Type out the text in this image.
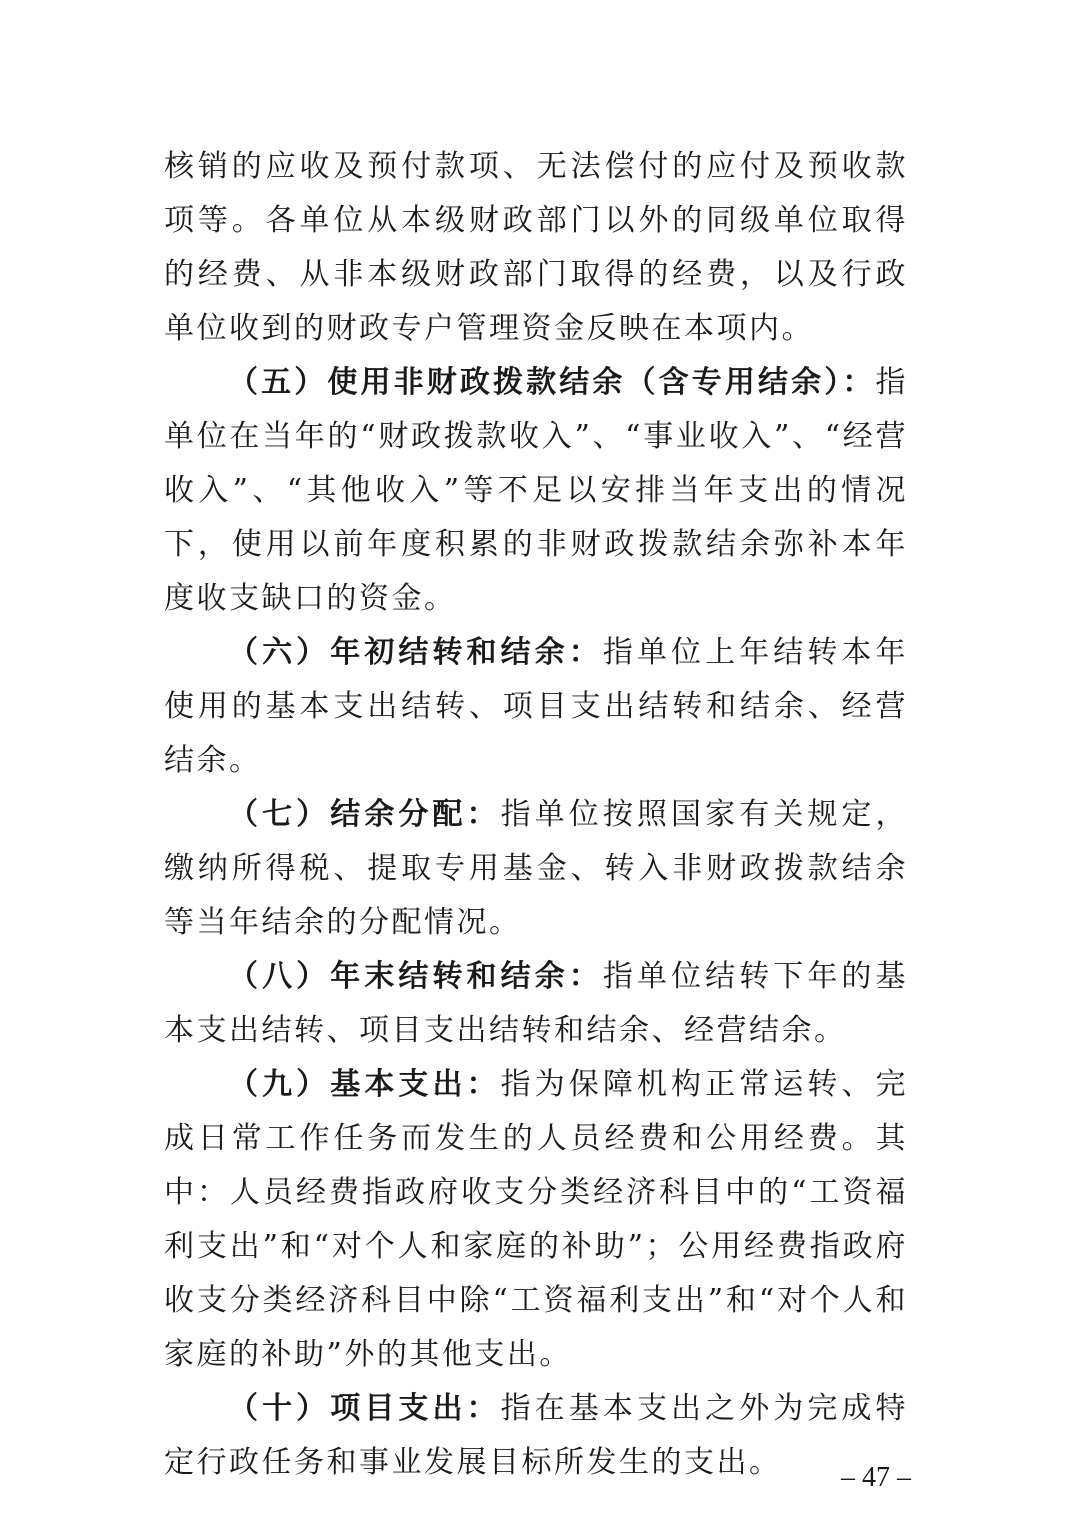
核销的应收及预付款项、无法偿付的应付及预收款项等。各单位从本级财政部门以外的同级单位取得的经费、从非本级财政部门取得的经费，以及行政单位收到的财政专户管理资金反映在本项内。

（五）使用非财政拨款结余（含专用结余）：指单位在当年的“财政拨款收入”、“事业收入”、“经营收入”、“其他收入”等不足以安排当年支出的情况下，使用以前年度积累的非财政拨款结余弥补本年度收支缺口的资金。

（六）年初结转和结余：指单位上年结转本年使用的基本支出结转、项目支出结转和结余、经营结余。

（七）结余分配：指单位按照国家有关规定，缴纳所得税、提取专用基金、转入非财政拨款结余等当年结余的分配情况。

（八）年末结转和结余：指单位结转下年的基本支出结转、项目支出结转和结余、经营结余。

（九）基本支出：指为保障机构正常运转、完成日常工作任务而发生的人员经费和公用经费。其中：人员经费指政府收支分类经济科目中的“工资福利支出”和“对个人和家庭的补助”；公用经费指政府收支分类经济科目中除“工资福利支出”和“对个人和家庭的补助”外的其他支出。

（十）项目支出：指在基本支出之外为完成特定行政任务和事业发展目标所发生的支出。	– 47 –
